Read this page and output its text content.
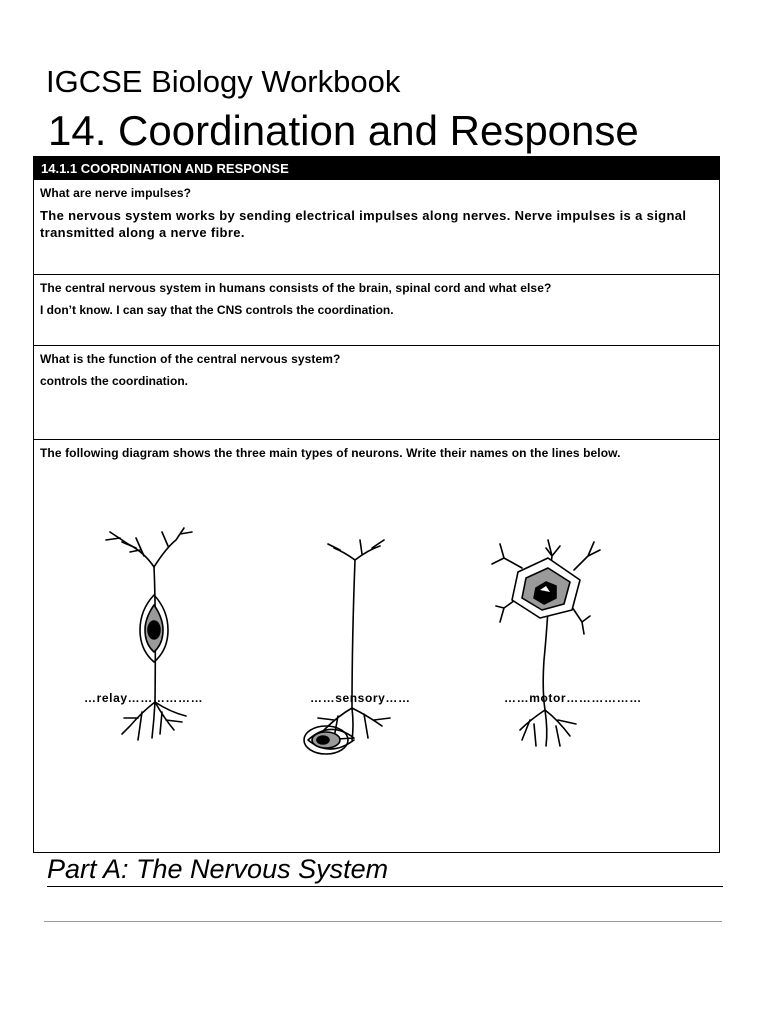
IGCSE Biology Workbook
14. Coordination and Response
14.1.1 COORDINATION AND RESPONSE
What are nerve impulses?
The nervous system works by sending electrical impulses along nerves. Nerve impulses is a signal transmitted along a nerve fibre.
The central nervous system in humans consists of the brain, spinal cord and what else?
I don’t know. I can say that the CNS controls the coordination.
What is the function of the central nervous system?
controls the coordination.
The following diagram shows the three main types of neurons. Write their names on the lines below.
…relay………………	……sensory……	……motor………………
Part A: The Nervous System
